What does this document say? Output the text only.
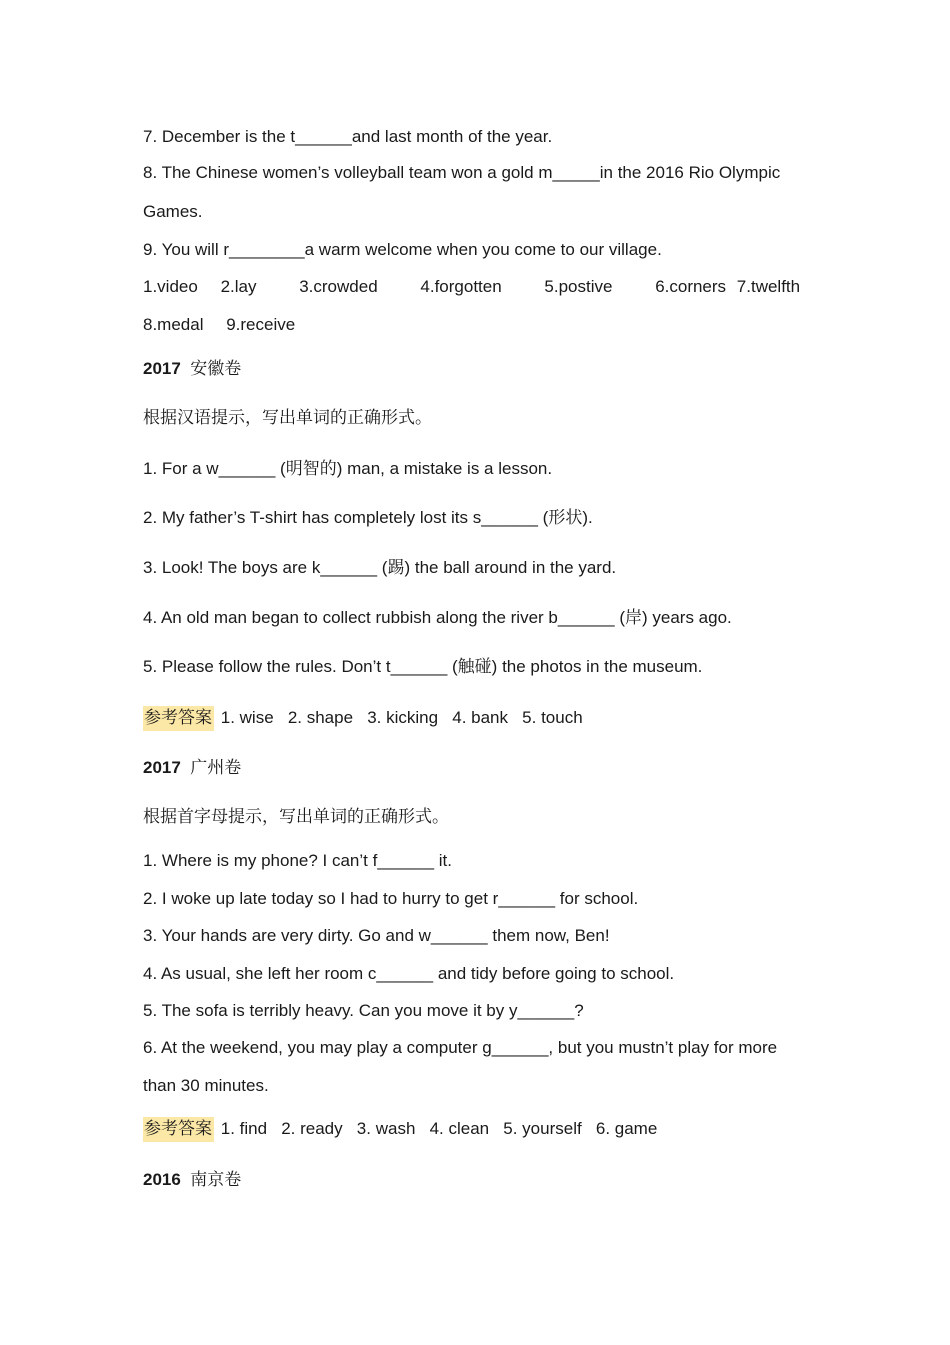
7. December is the t______and last month of the year.
8. The Chinese women’s volleyball team won a gold m_____in the 2016 Rio Olympic
Games.
9. You will r________a warm welcome when you come to our village.
1.video 2.lay	3.crowded	4.forgotten	5.postive	6.corners 7.twelfth
8.medal 9.receive
2017 安徽卷
根据汉语提示，写出单词的正确形式。
1. For a w______ (明智的) man, a mistake is a lesson.
2. My father’s T-shirt has completely lost its s______ (形状).
3. Look! The boys are k______ (踢) the ball around in the yard.
4. An old man began to collect rubbish along the river b______ (岸) years ago.
5. Please follow the rules. Don’t t______ (触碰) the photos in the museum.
参考答案 1. wise   2. shape   3. kicking   4. bank   5. touch
2017 广州卷
根据首字母提示，写出单词的正确形式。
1. Where is my phone? I can’t f______ it.
2. I woke up late today so I had to hurry to get r______ for school.
3. Your hands are very dirty. Go and w______ them now, Ben!
4. As usual, she left her room c______ and tidy before going to school.
5. The sofa is terribly heavy. Can you move it by y______?
6. At the weekend, you may play a computer g______, but you mustn’t play for more
than 30 minutes.
参考答案 1. find   2. ready   3. wash   4. clean   5. yourself   6. game
2016 南京卷
